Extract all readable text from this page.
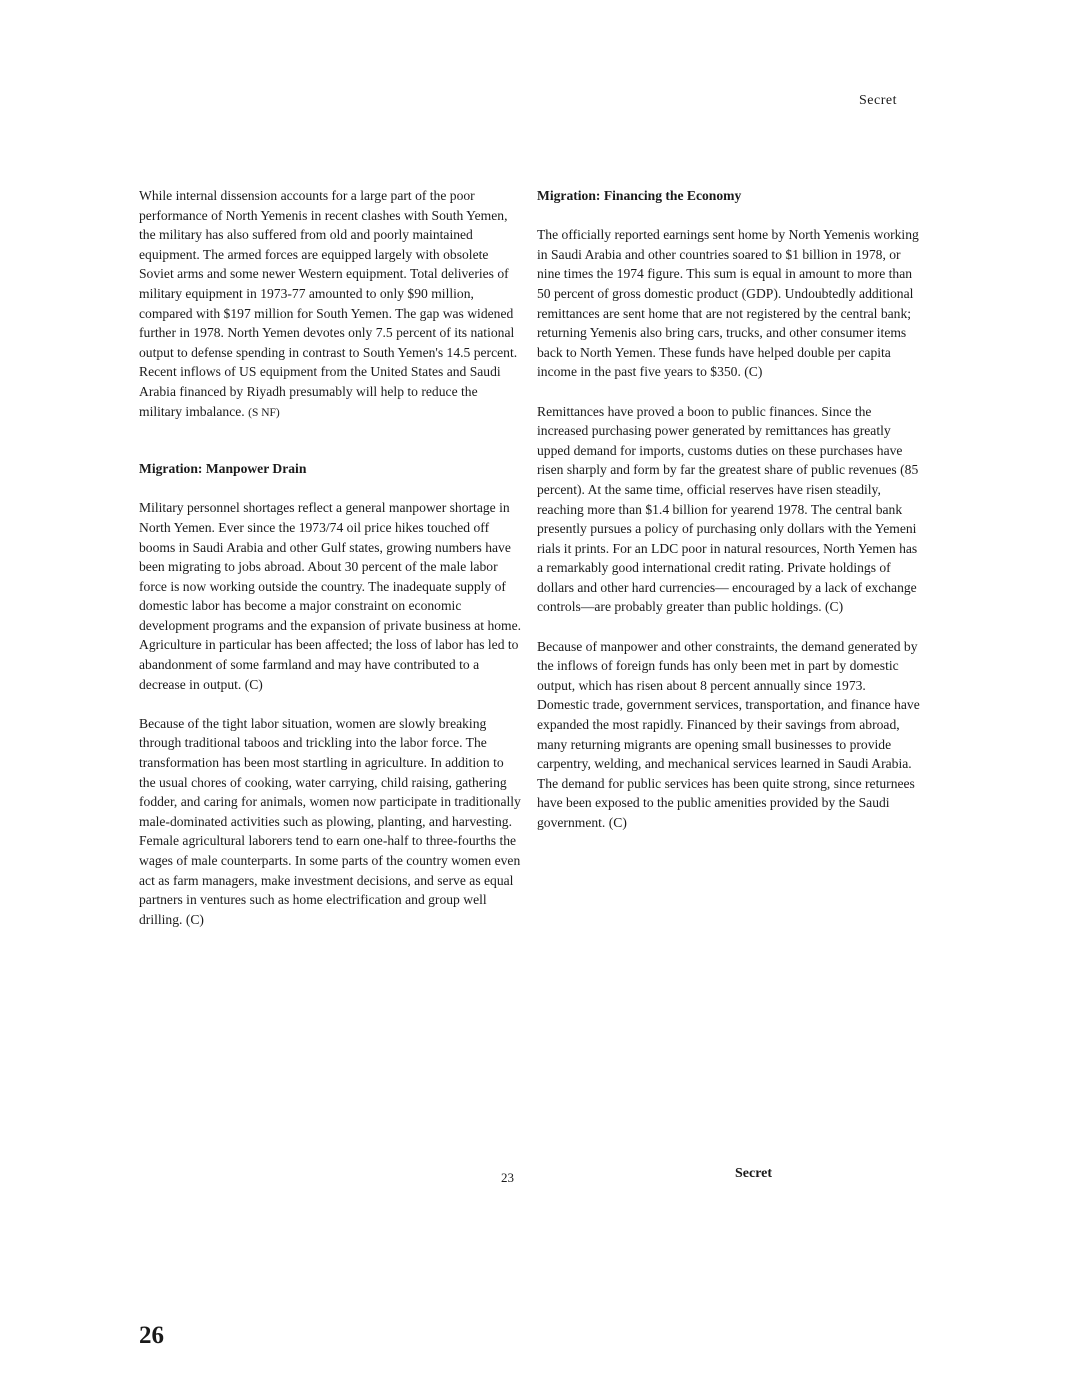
Secret

While internal dissension accounts for a large part of the poor performance of North Yemenis in recent clashes with South Yemen, the military has also suffered from old and poorly maintained equipment. The armed forces are equipped largely with obsolete Soviet arms and some newer Western equipment. Total deliveries of military equipment in 1973-77 amounted to only $90 million, compared with $197 million for South Yemen. The gap was widened further in 1978. North Yemen devotes only 7.5 percent of its national output to defense spending in contrast to South Yemen's 14.5 percent. Recent inflows of US equipment from the United States and Saudi Arabia financed by Riyadh presumably will help to reduce the military imbalance. (S NF)

Migration: Manpower Drain

Military personnel shortages reflect a general manpower shortage in North Yemen. Ever since the 1973/74 oil price hikes touched off booms in Saudi Arabia and other Gulf states, growing numbers have been migrating to jobs abroad. About 30 percent of the male labor force is now working outside the country. The inadequate supply of domestic labor has become a major constraint on economic development programs and the expansion of private business at home. Agriculture in particular has been affected; the loss of labor has led to abandonment of some farmland and may have contributed to a decrease in output. (C)

Because of the tight labor situation, women are slowly breaking through traditional taboos and trickling into the labor force. The transformation has been most startling in agriculture. In addition to the usual chores of cooking, water carrying, child raising, gathering fodder, and caring for animals, women now participate in traditionally male-dominated activities such as plowing, planting, and harvesting. Female agricultural laborers tend to earn one-half to three-fourths the wages of male counterparts. In some parts of the country women even act as farm managers, make investment decisions, and serve as equal partners in ventures such as home electrification and group well drilling. (C)

Migration: Financing the Economy

The officially reported earnings sent home by North Yemenis working in Saudi Arabia and other countries soared to $1 billion in 1978, or nine times the 1974 figure. This sum is equal in amount to more than 50 percent of gross domestic product (GDP). Undoubtedly additional remittances are sent home that are not registered by the central bank; returning Yemenis also bring cars, trucks, and other consumer items back to North Yemen. These funds have helped double per capita income in the past five years to $350. (C)

Remittances have proved a boon to public finances. Since the increased purchasing power generated by remittances has greatly upped demand for imports, customs duties on these purchases have risen sharply and form by far the greatest share of public revenues (85 percent). At the same time, official reserves have risen steadily, reaching more than $1.4 billion for yearend 1978. The central bank presently pursues a policy of purchasing only dollars with the Yemeni rials it prints. For an LDC poor in natural resources, North Yemen has a remarkably good international credit rating. Private holdings of dollars and other hard currencies— encouraged by a lack of exchange controls—are probably greater than public holdings. (C)

Because of manpower and other constraints, the demand generated by the inflows of foreign funds has only been met in part by domestic output, which has risen about 8 percent annually since 1973. Domestic trade, government services, transportation, and finance have expanded the most rapidly. Financed by their savings from abroad, many returning migrants are opening small businesses to provide carpentry, welding, and mechanical services learned in Saudi Arabia. The demand for public services has been quite strong, since returnees have been exposed to the public amenities provided by the Saudi government. (C)

23	Secret
26
